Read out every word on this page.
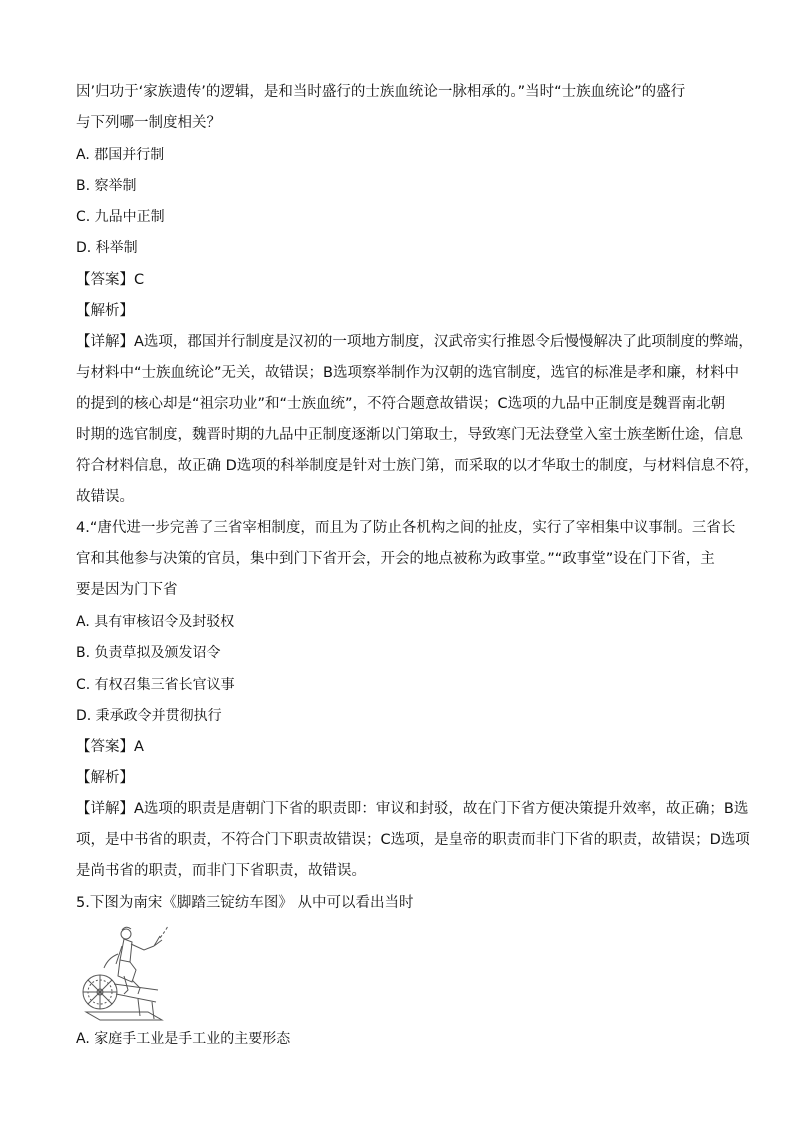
因’归功于‘家族遗传’的逻辑，是和当时盛行的士族血统论一脉相承的。”当时“士族血统论”的盛行
与下列哪一制度相关？
A. 郡国并行制
B. 察举制
C. 九品中正制
D. 科举制
【答案】C
【解析】
【详解】A选项，郡国并行制度是汉初的一项地方制度，汉武帝实行推恩令后慢慢解决了此项制度的弊端，
与材料中“士族血统论”无关，故错误；B选项察举制作为汉朝的选官制度，选官的标准是孝和廉，材料中
的提到的核心却是“祖宗功业”和“士族血统”，不符合题意故错误；C选项的九品中正制度是魏晋南北朝
时期的选官制度，魏晋时期的九品中正制度逐渐以门第取士，导致寒门无法登堂入室士族垄断仕途，信息
符合材料信息，故正确 D选项的科举制度是针对士族门第，而采取的以才华取士的制度，与材料信息不符，
故错误。
4.“唐代进一步完善了三省宰相制度，而且为了防止各机构之间的扯皮，实行了宰相集中议事制。三省长
官和其他参与决策的官员，集中到门下省开会，开会的地点被称为政事堂。”“政事堂”设在门下省，主
要是因为门下省
A. 具有审核诏令及封驳权
B. 负责草拟及颁发诏令
C. 有权召集三省长官议事
D. 秉承政令并贯彻执行
【答案】A
【解析】
【详解】A选项的职责是唐朝门下省的职责即：审议和封驳，故在门下省方便决策提升效率，故正确；B选
项，是中书省的职责，不符合门下职责故错误；C选项，是皇帝的职责而非门下省的职责，故错误；D选项
是尚书省的职责，而非门下省职责，故错误。
5.下图为南宋《脚踏三锭纺车图》 从中可以看出当时
A. 家庭手工业是手工业的主要形态
